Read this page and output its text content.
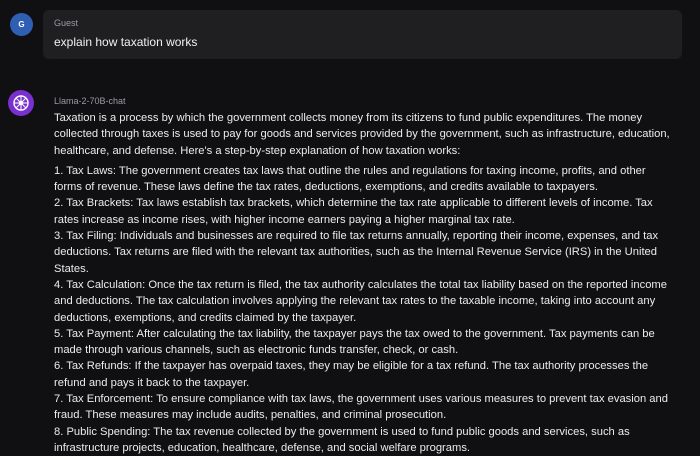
G	Guest
explain how taxation works
Llama-2-70B-chat

Taxation is a process by which the government collects money from its citizens to fund public expenditures. The money collected through taxes is used to pay for goods and services provided by the government, such as infrastructure, education, healthcare, and defense. Here's a step-by-step explanation of how taxation works:

1. Tax Laws: The government creates tax laws that outline the rules and regulations for taxing income, profits, and other forms of revenue. These laws define the tax rates, deductions, exemptions, and credits available to taxpayers.

2. Tax Brackets: Tax laws establish tax brackets, which determine the tax rate applicable to different levels of income. Tax rates increase as income rises, with higher income earners paying a higher marginal tax rate.

3. Tax Filing: Individuals and businesses are required to file tax returns annually, reporting their income, expenses, and tax deductions. Tax returns are filed with the relevant tax authorities, such as the Internal Revenue Service (IRS) in the United States.

4. Tax Calculation: Once the tax return is filed, the tax authority calculates the total tax liability based on the reported income and deductions. The tax calculation involves applying the relevant tax rates to the taxable income, taking into account any deductions, exemptions, and credits claimed by the taxpayer.

5. Tax Payment: After calculating the tax liability, the taxpayer pays the tax owed to the government. Tax payments can be made through various channels, such as electronic funds transfer, check, or cash.

6. Tax Refunds: If the taxpayer has overpaid taxes, they may be eligible for a tax refund. The tax authority processes the refund and pays it back to the taxpayer.

7. Tax Enforcement: To ensure compliance with tax laws, the government uses various measures to prevent tax evasion and fraud. These measures may include audits, penalties, and criminal prosecution.

8. Public Spending: The tax revenue collected by the government is used to fund public goods and services, such as infrastructure projects, education, healthcare, defense, and social welfare programs.
